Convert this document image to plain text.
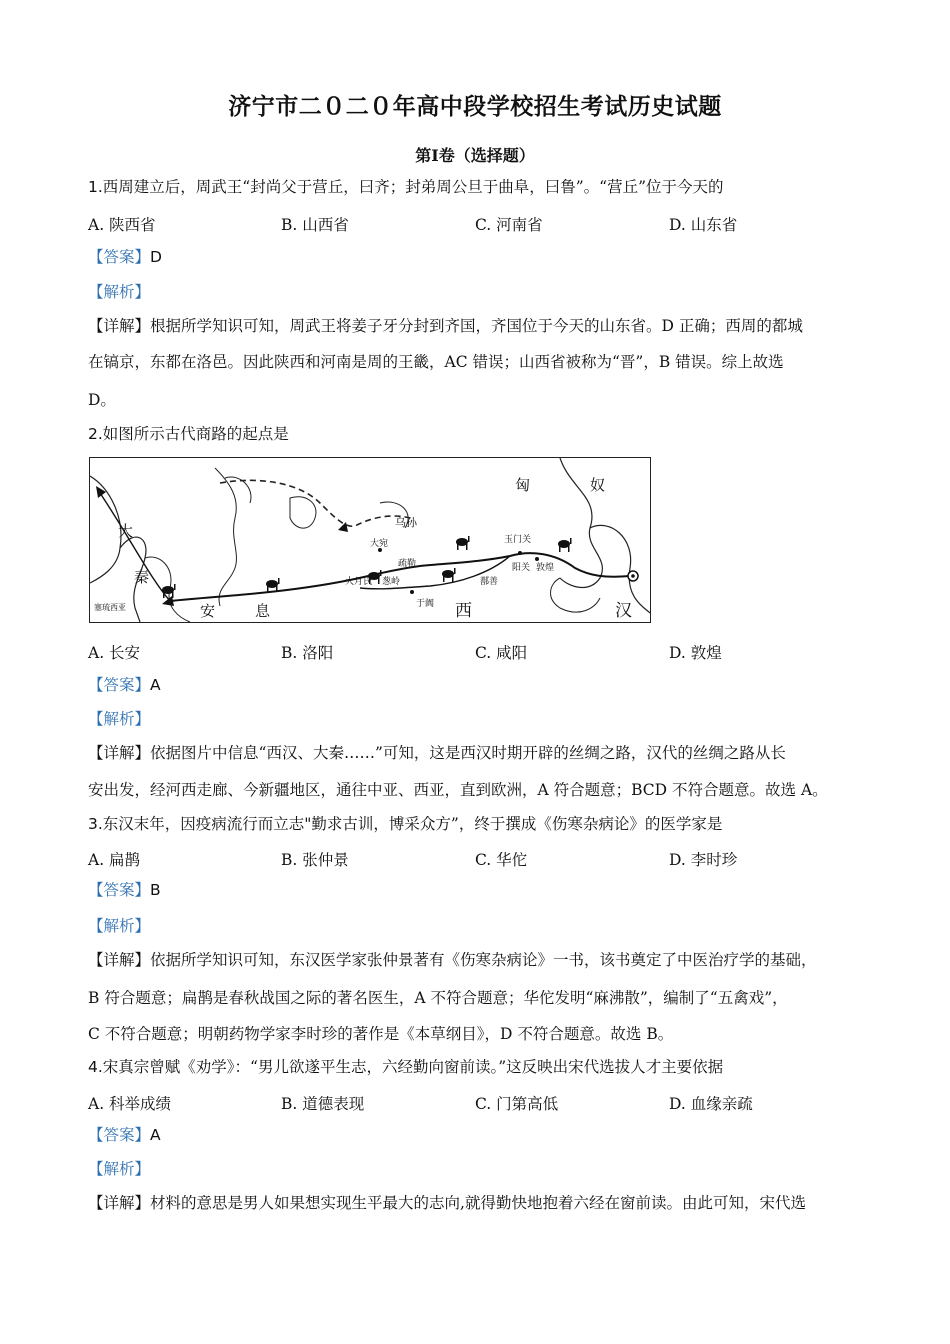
济宁市二０二０年高中段学校招生考试历史试题
第Ⅰ卷（选择题）
1.西周建立后，周武王“封尚父于营丘，曰齐；封弟周公旦于曲阜，曰鲁”。“营丘”位于今天的
A. 陕西省	B. 山西省	C. 河南省	D. 山东省
【答案】D
【解析】
【详解】根据所学知识可知，周武王将姜子牙分封到齐国，齐国位于今天的山东省。D 正确；西周的都城
在镐京，东都在洛邑。因此陕西和河南是周的王畿，AC 错误；山西省被称为“晋”，B 错误。综上故选
D。
2.如图所示古代商路的起点是
匈	奴
大
秦
安	息	西	汉
乌孙
大宛
疏勒
大月氏 葱岭
玉门关
阳关 敦煌
鄯善
于阗
塞琉西亚
A. 长安	B. 洛阳	C. 咸阳	D. 敦煌
【答案】A
【解析】
【详解】依据图片中信息“西汉、大秦……”可知，这是西汉时期开辟的丝绸之路，汉代的丝绸之路从长
安出发，经河西走廊、今新疆地区，通往中亚、西亚，直到欧洲，A 符合题意；BCD 不符合题意。故选 A。
3.东汉末年，因疫病流行而立志"勤求古训，博采众方”，终于撰成《伤寒杂病论》的医学家是
A. 扁鹊	B. 张仲景	C. 华佗	D. 李时珍
【答案】B
【解析】
【详解】依据所学知识可知，东汉医学家张仲景著有《伤寒杂病论》一书，该书奠定了中医治疗学的基础，
B 符合题意；扁鹊是春秋战国之际的著名医生，A 不符合题意；华佗发明“麻沸散”，编制了“五禽戏”，
C 不符合题意；明朝药物学家李时珍的著作是《本草纲目》，D 不符合题意。故选 B。
4.宋真宗曾赋《劝学》：“男儿欲遂平生志，六经勤向窗前读。”这反映出宋代选拔人才主要依据
A. 科举成绩	B. 道德表现	C. 门第高低	D. 血缘亲疏
【答案】A
【解析】
【详解】材料的意思是男人如果想实现生平最大的志向,就得勤快地抱着六经在窗前读。由此可知，宋代选
